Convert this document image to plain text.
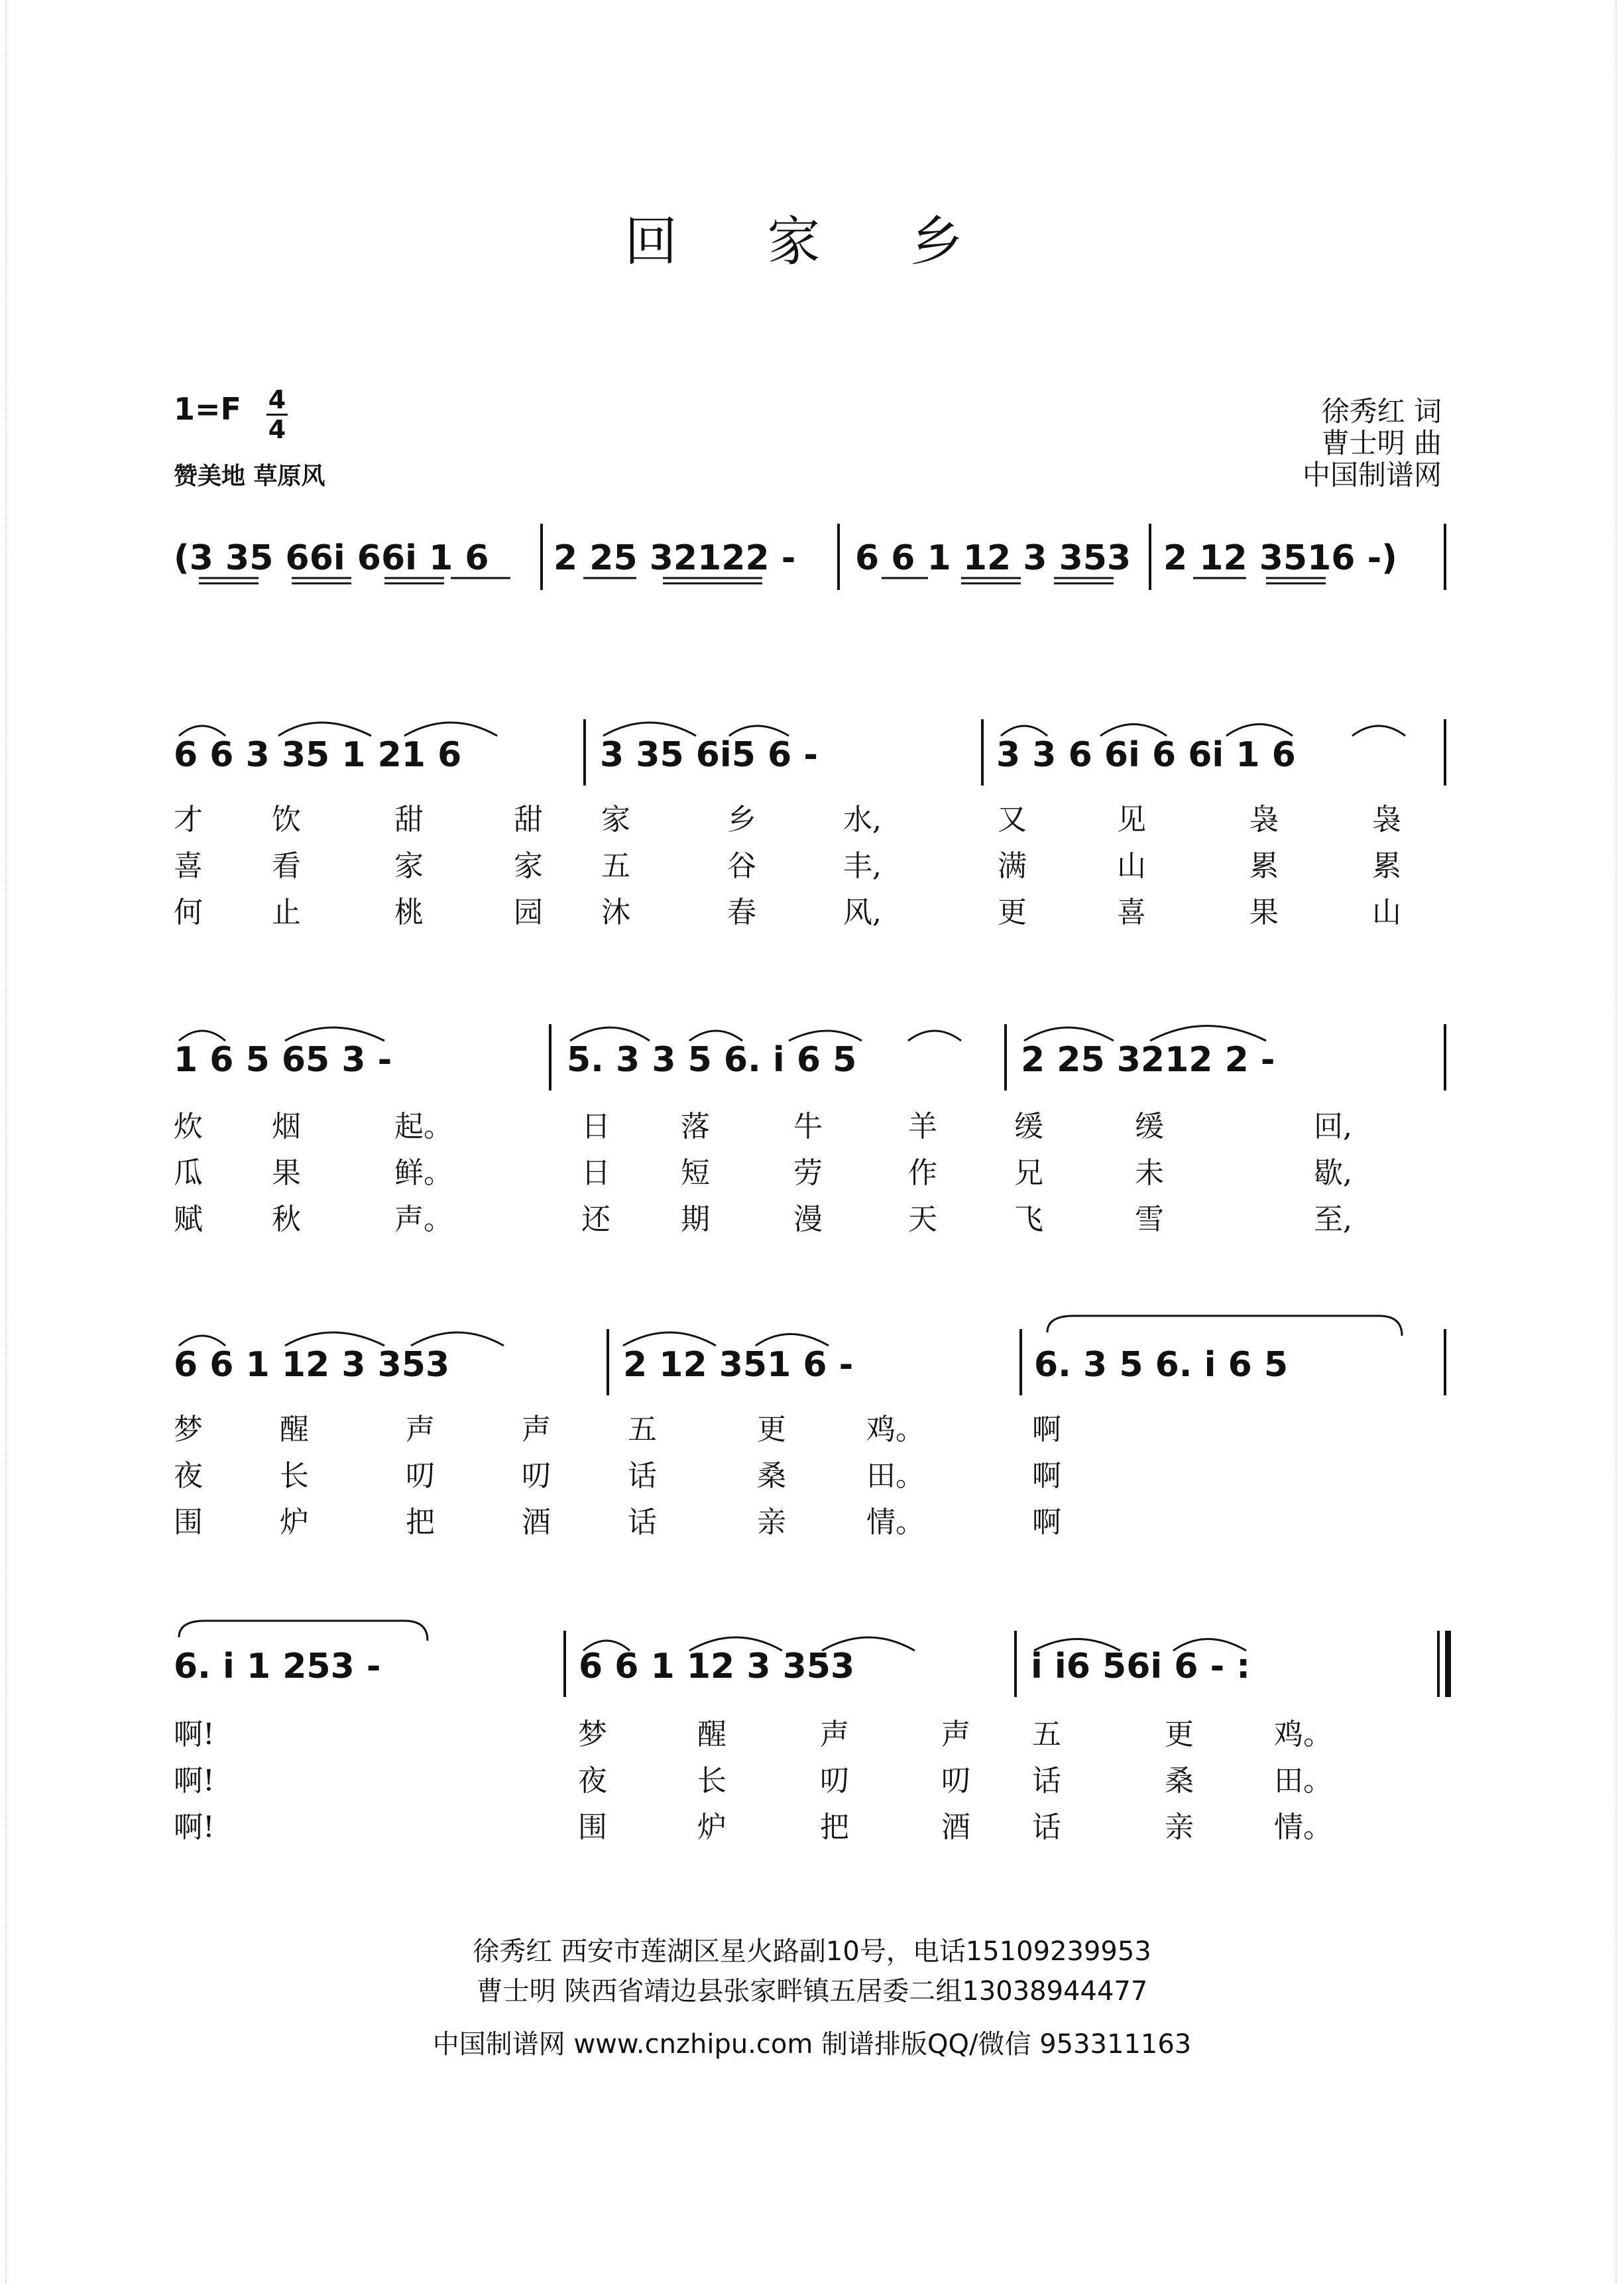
回 家 乡
1=F 4
4
赞美地 草原风
徐秀红 词
曹士明 曲
中国制谱网
(3 35 66i 66i 1 6 2 25 32122 - 6 6 1 12 3 353 2 12 3516 -)
6 6 3 35 1 21 6	3 35 6i5 6 -	3 3 6 6i 6 6i 1 6
才 饮	甜	甜 家	乡	水,	又	见	袅	袅
喜 看	家	家 五	谷	丰,	满	山	累	累
何 止	桃	园 沐	春	风,	更	喜	果	山
1 6 5 65 3 -	5. 3 3 5 6. i 6 5	2 25 3212 2 -
炊 烟	起。	日 落	牛	羊	缓	缓	回,
瓜 果	鲜。	日 短	劳	作	兄	未	歇,
赋 秋	声。	还 期	漫	天	飞	雪	至,
6 6 1 12 3 353	2 12 351 6 -	6. 3 5 6. i 6 5
梦	醒	声	声	五	更	鸡。	啊
夜	长	叨	叨	话	桑	田。	啊
围	炉	把	酒	话	亲	情。	啊
6. i 1 253 -	6 6 1 12 3 353	i i6 56i 6 - :
啊!	梦	醒	声	声 五	更	鸡。
啊!	夜	长	叨	叨 话	桑	田。
啊!	围	炉	把	酒 话	亲	情。
徐秀红 西安市莲湖区星火路副10号，电话15109239953
曹士明 陕西省靖边县张家畔镇五居委二组13038944477
中国制谱网 www.cnzhipu.com 制谱排版QQ/微信 953311163
